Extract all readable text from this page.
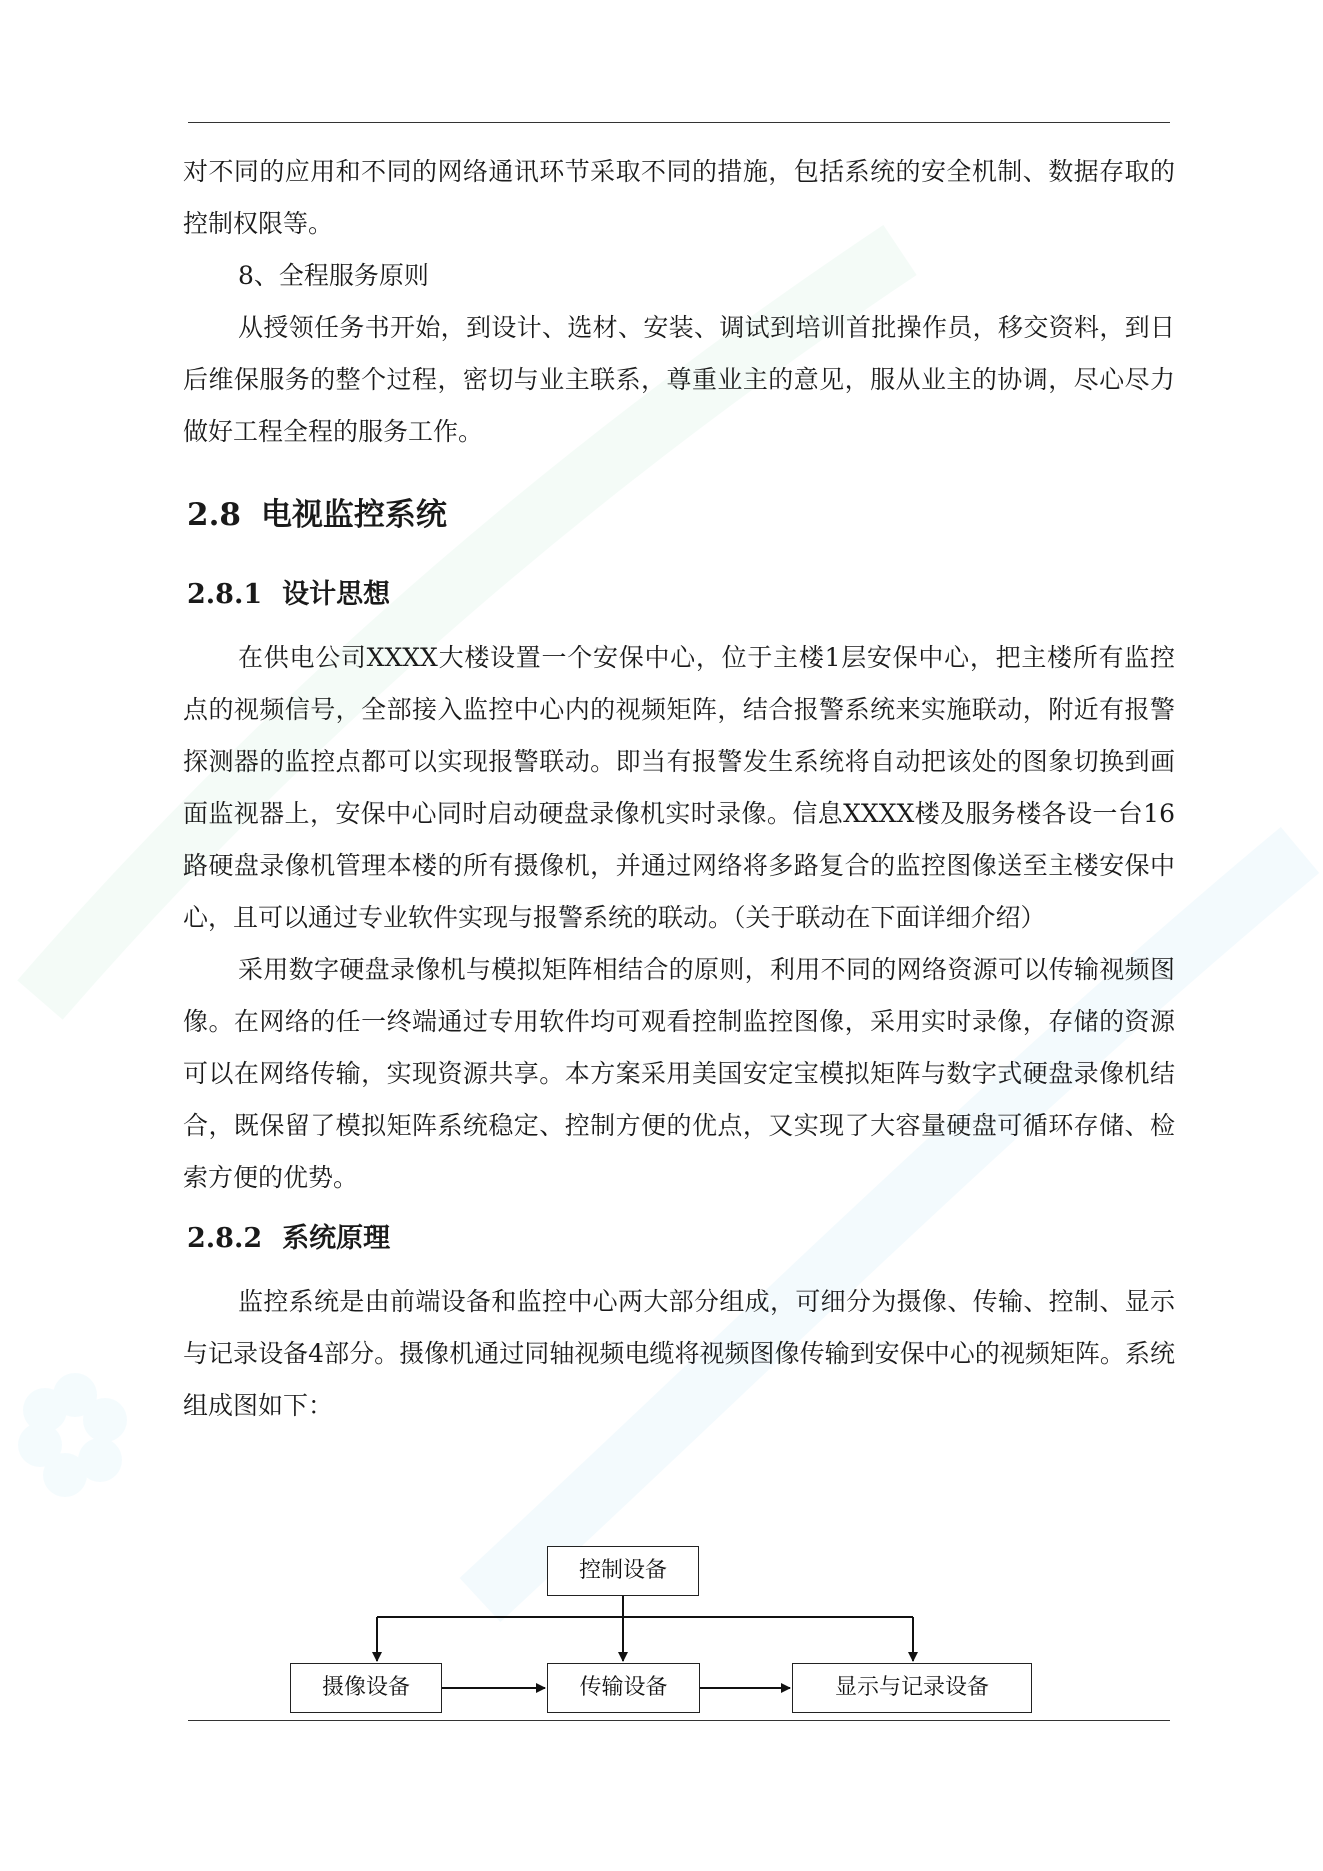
对不同的应用和不同的网络通讯环节采取不同的措施，包括系统的安全机制、数据存取的控制权限等。

8、全程服务原则

从授领任务书开始，到设计、选材、安装、调试到培训首批操作员，移交资料，到日后维保服务的整个过程，密切与业主联系，尊重业主的意见，服从业主的协调，尽心尽力做好工程全程的服务工作。

2.8 电视监控系统
2.8.1 设计思想

在供电公司XXXX大楼设置一个安保中心，位于主楼1层安保中心，把主楼所有监控点的视频信号，全部接入监控中心内的视频矩阵，结合报警系统来实施联动，附近有报警探测器的监控点都可以实现报警联动。即当有报警发生系统将自动把该处的图象切换到画面监视器上，安保中心同时启动硬盘录像机实时录像。信息XXXX楼及服务楼各设一台16路硬盘录像机管理本楼的所有摄像机，并通过网络将多路复合的监控图像送至主楼安保中心，且可以通过专业软件实现与报警系统的联动。（关于联动在下面详细介绍）

采用数字硬盘录像机与模拟矩阵相结合的原则，利用不同的网络资源可以传输视频图像。在网络的任一终端通过专用软件均可观看控制监控图像，采用实时录像，存储的资源可以在网络传输，实现资源共享。本方案采用美国安定宝模拟矩阵与数字式硬盘录像机结合，既保留了模拟矩阵系统稳定、控制方便的优点，又实现了大容量硬盘可循环存储、检索方便的优势。

2.8.2 系统原理

监控系统是由前端设备和监控中心两大部分组成，可细分为摄像、传输、控制、显示与记录设备4部分。摄像机通过同轴视频电缆将视频图像传输到安保中心的视频矩阵。系统组成图如下：

控制设备
摄像设备	传输设备	显示与记录设备
